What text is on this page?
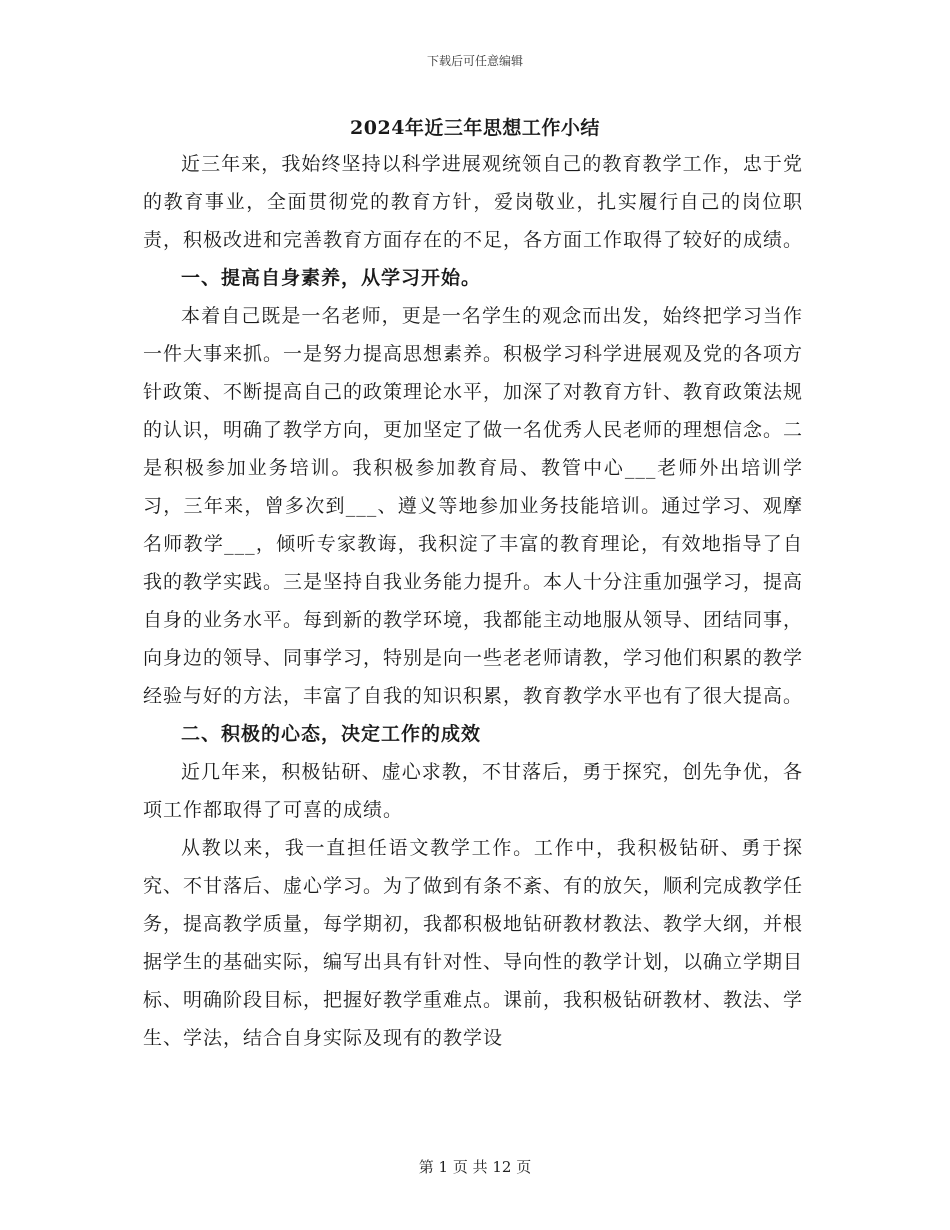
下载后可任意编辑
2024年近三年思想工作小结

近三年来，我始终坚持以科学进展观统领自己的教育教学工作，忠于党的教育事业，全面贯彻党的教育方针，爱岗敬业，扎实履行自己的岗位职责，积极改进和完善教育方面存在的不足，各方面工作取得了较好的成绩。

一、提高自身素养，从学习开始。

本着自己既是一名老师，更是一名学生的观念而出发，始终把学习当作一件大事来抓。一是努力提高思想素养。积极学习科学进展观及党的各项方针政策、不断提高自己的政策理论水平，加深了对教育方针、教育政策法规的认识，明确了教学方向，更加坚定了做一名优秀人民老师的理想信念。二是积极参加业务培训。我积极参加教育局、教管中心___老师外出培训学习，三年来，曾多次到___、遵义等地参加业务技能培训。通过学习、观摩名师教学___，倾听专家教诲，我积淀了丰富的教育理论，有效地指导了自我的教学实践。三是坚持自我业务能力提升。本人十分注重加强学习，提高自身的业务水平。每到新的教学环境，我都能主动地服从领导、团结同事，向身边的领导、同事学习，特别是向一些老老师请教，学习他们积累的教学经验与好的方法，丰富了自我的知识积累，教育教学水平也有了很大提高。

二、积极的心态，决定工作的成效

近几年来，积极钻研、虚心求教，不甘落后，勇于探究，创先争优，各项工作都取得了可喜的成绩。

从教以来，我一直担任语文教学工作。工作中，我积极钻研、勇于探究、不甘落后、虚心学习。为了做到有条不紊、有的放矢，顺利完成教学任务，提高教学质量，每学期初，我都积极地钻研教材教法、教学大纲，并根据学生的基础实际，编写出具有针对性、导向性的教学计划，以确立学期目标、明确阶段目标，把握好教学重难点。课前，我积极钻研教材、教法、学生、学法，结合自身实际及现有的教学设

第 1 页 共 12 页
